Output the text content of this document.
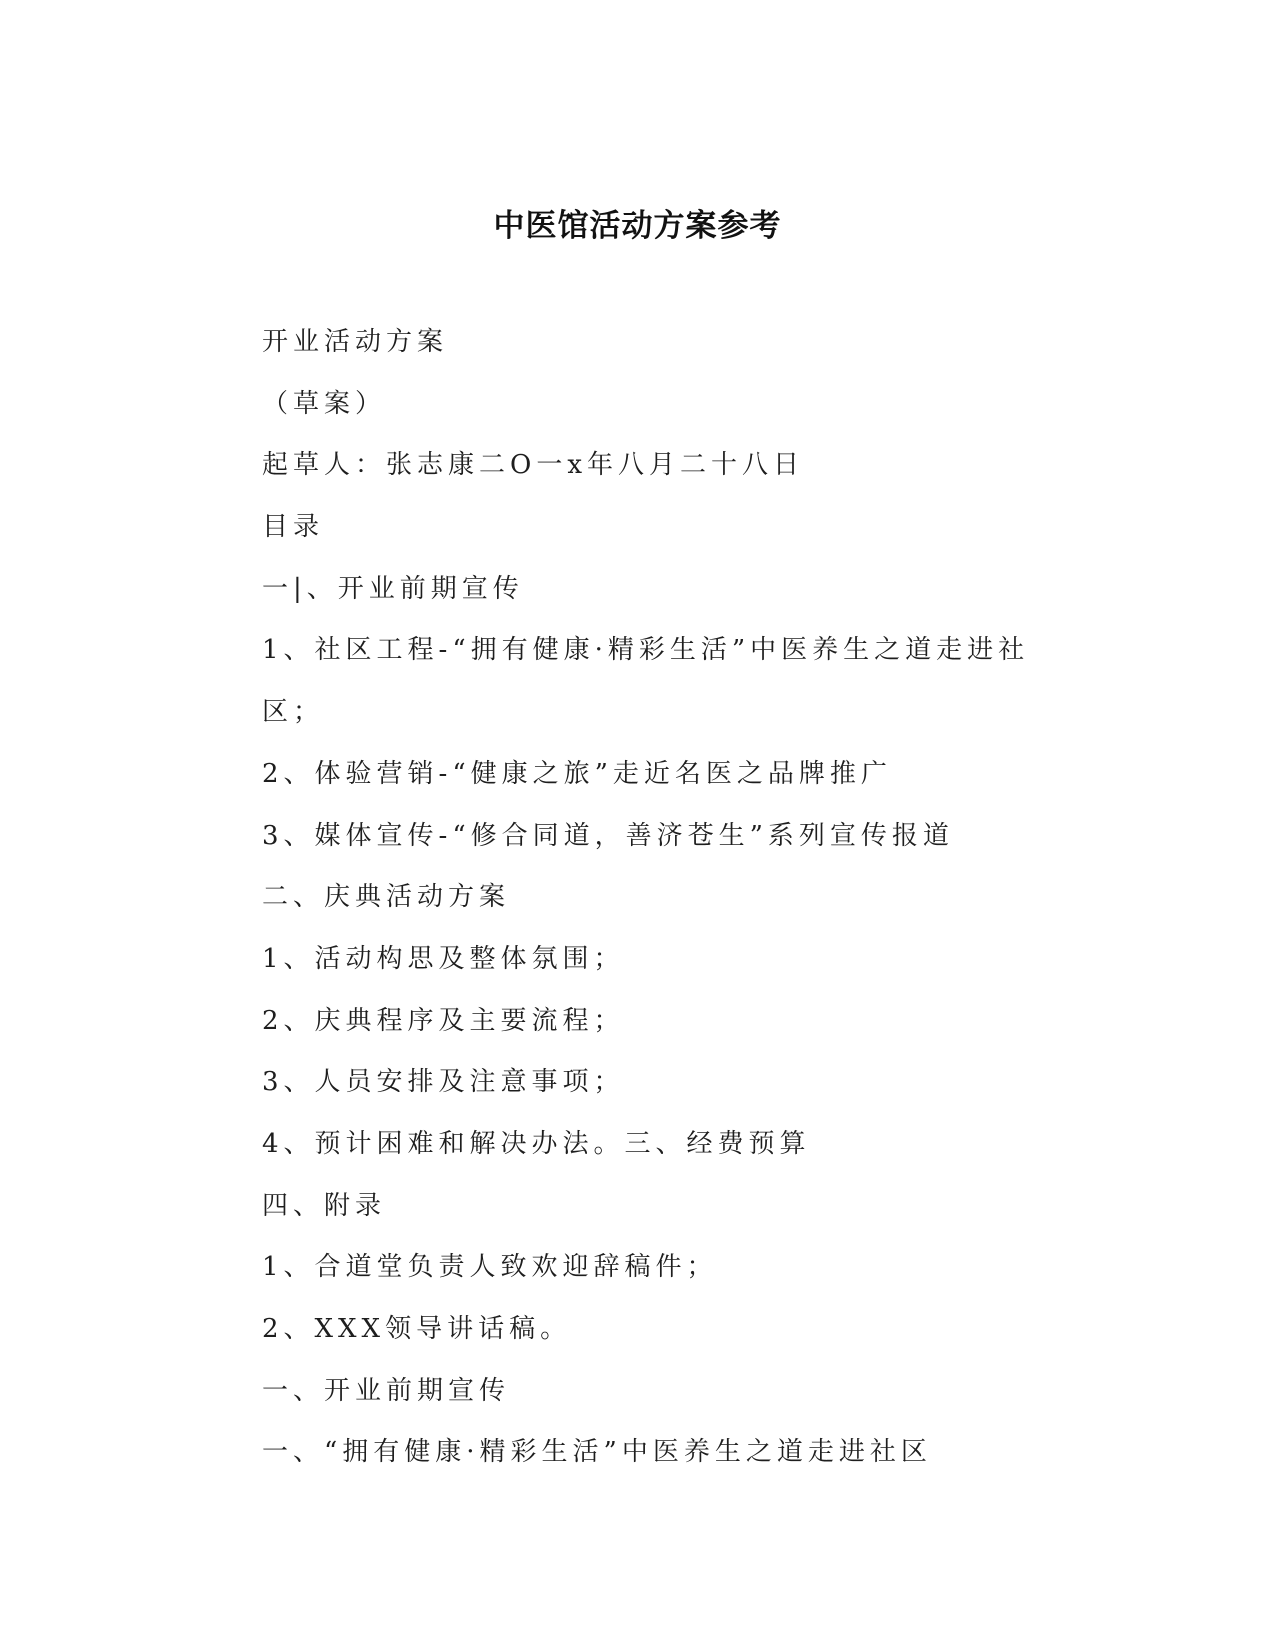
中医馆活动方案参考
开业活动方案
（草案）
起草人：张志康二O一x年八月二十八日
目录
一|、开业前期宣传
1、社区工程-“拥有健康·精彩生活”中医养生之道走进社
区；
2、体验营销-“健康之旅”走近名医之品牌推广
3、媒体宣传-“修合同道，善济苍生”系列宣传报道
二、庆典活动方案
1、活动构思及整体氛围；
2、庆典程序及主要流程；
3、人员安排及注意事项；
4、预计困难和解决办法。三、经费预算
四、附录
1、合道堂负责人致欢迎辞稿件；
2、XXX领导讲话稿。
一、开业前期宣传
一、“拥有健康·精彩生活”中医养生之道走进社区
